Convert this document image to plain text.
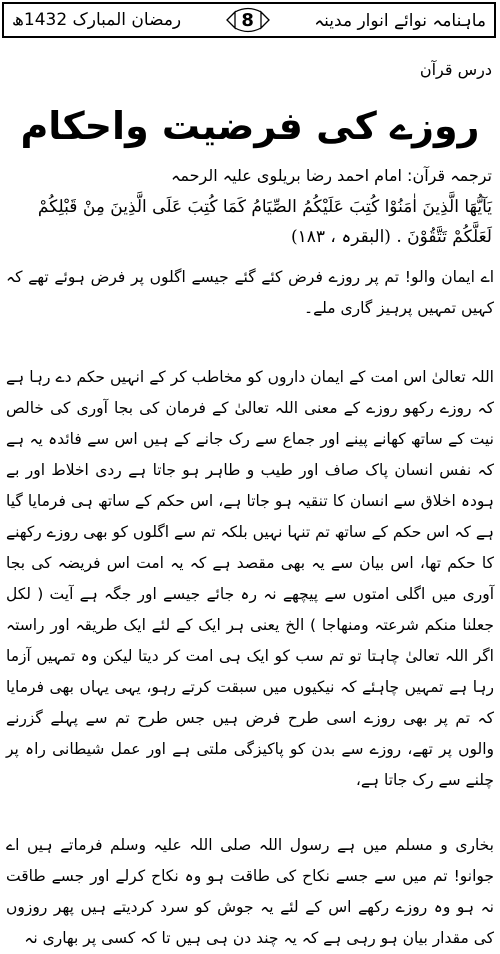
ماہنامہ نوائے انوار مدینہ
8
رمضان المبارک 1432ھ
درس قرآن
روزے کی فرضیت واحکام
ترجمہ قرآن: امام احمد رضا بریلوی علیہ الرحمہ
يَآيُّهَا الَّذِينَ اٰمَنُوْا كُتِبَ عَلَيْكُمُ الصِّيَامُ كَمَا كُتِبَ عَلَى الَّذِينَ مِنْ قَبْلِكُمْ لَعَلَّكُمْ تَتَّقُوْنَ . (البقرہ ، ۱۸۳)

اے ایمان والو! تم پر روزے فرض کئے گئے جیسے اگلوں پر فرض ہوئے تھے کہ کہیں تمہیں پرہیز گاری ملے۔

اللہ تعالیٰ اس امت کے ایمان داروں کو مخاطب کر کے انہیں حکم دے رہا ہے کہ روزے رکھو روزے کے معنی اللہ تعالیٰ کے فرمان کی بجا آوری کی خالص نیت کے ساتھ کھانے پینے اور جماع سے رک جانے کے ہیں اس سے فائدہ یہ ہے کہ نفس انسان پاک صاف اور طیب و طاہر ہو جاتا ہے ردی اخلاط اور بے ہودہ اخلاق سے انسان کا تنقیہ ہو جاتا ہے، اس حکم کے ساتھ ہی فرمایا گیا ہے کہ اس حکم کے ساتھ تم تنہا نہیں بلکہ تم سے اگلوں کو بھی روزے رکھنے کا حکم تھا، اس بیان سے یہ بھی مقصد ہے کہ یہ امت اس فریضہ کی بجا آوری میں اگلی امتوں سے پیچھے نہ رہ جائے جیسے اور جگہ ہے آیت ( لکل جعلنا منکم شرعتہ ومنھاجا ) الخ یعنی ہر ایک کے لئے ایک طریقہ اور راستہ اگر اللہ تعالیٰ چاہتا تو تم سب کو ایک ہی امت کر دیتا لیکن وہ تمہیں آزما رہا ہے تمہیں چاہئے کہ نیکیوں میں سبقت کرتے رہو، یہی یہاں بھی فرمایا کہ تم پر بھی روزے اسی طرح فرض ہیں جس طرح تم سے پہلے گزرنے والوں پر تھے، روزے سے بدن کو پاکیزگی ملتی ہے اور عمل شیطانی راہ پر چلنے سے رک جاتا ہے،

بخاری و مسلم میں ہے رسول اللہ صلی اللہ علیہ وسلم فرماتے ہیں اے جوانو! تم میں سے جسے نکاح کی طاقت ہو وہ نکاح کرلے اور جسے طاقت نہ ہو وہ روزے رکھے اس کے لئے یہ جوش کو سرد کردیتے ہیں پھر روزوں کی مقدار بیان ہو رہی ہے کہ یہ چند دن ہی ہیں تا کہ کسی پر بھاری نہ
